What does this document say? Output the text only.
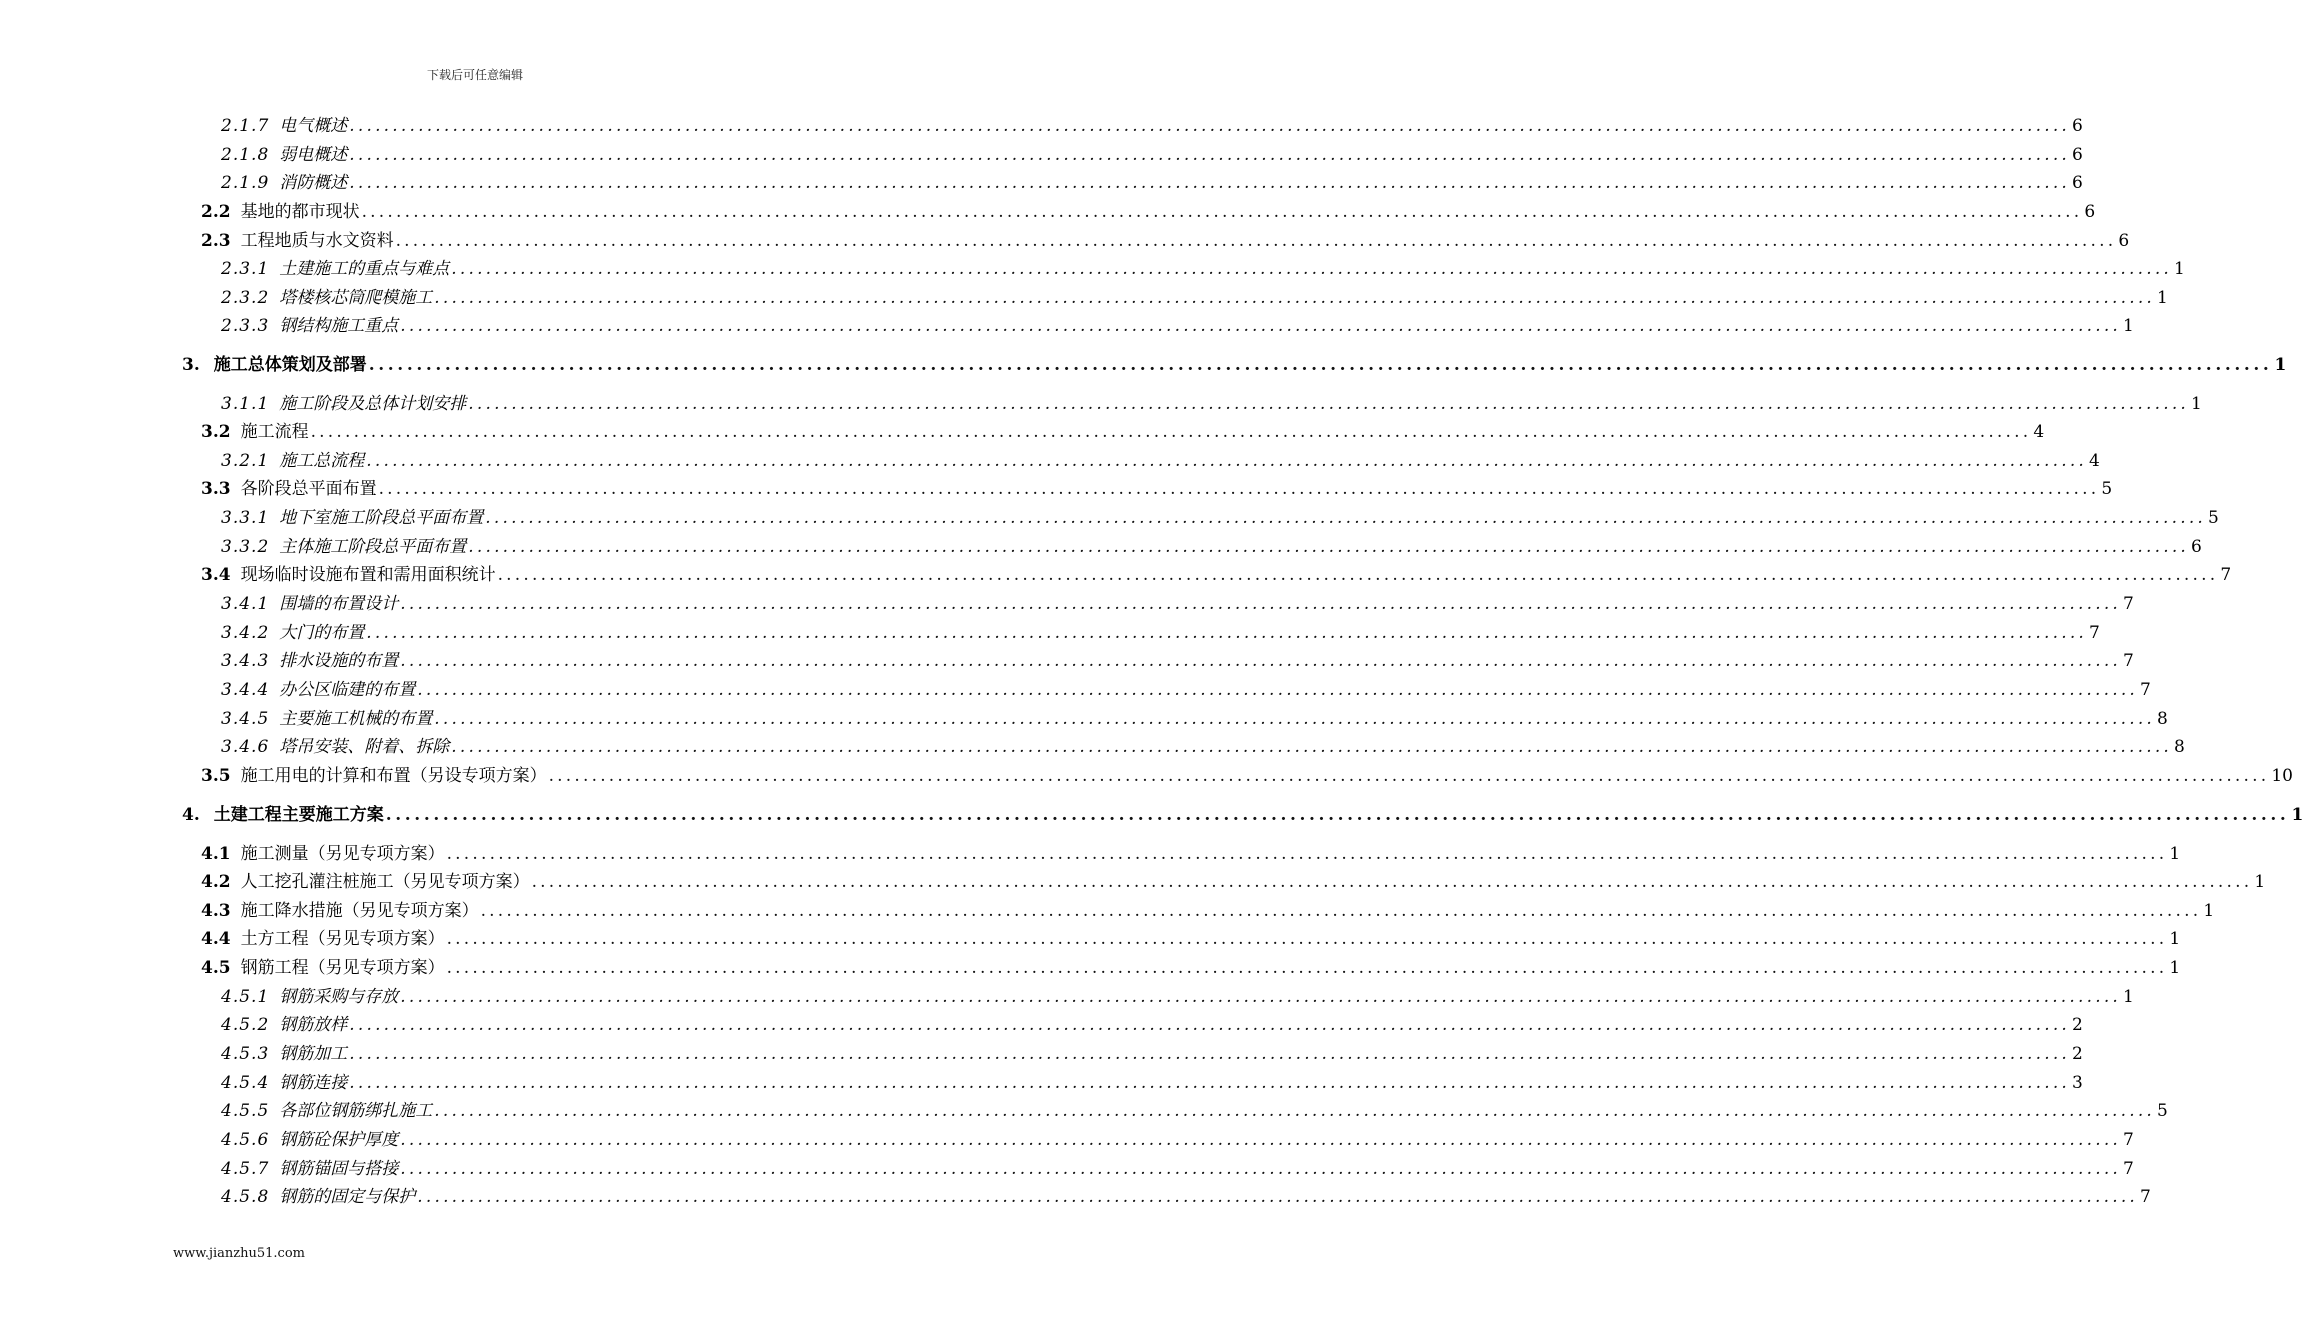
下载后可任意编辑
2.1.7 电气概述 ........................................................................................................................................................................................................ 6
2.1.8 弱电概述 ........................................................................................................................................................................................................ 6
2.1.9 消防概述 ........................................................................................................................................................................................................ 6
2.2 基地的都市现状 ........................................................................................................................................................................................................ 6
2.3 工程地质与水文资料 ........................................................................................................................................................................................................ 6
2.3.1 土建施工的重点与难点 ........................................................................................................................................................................................................ 1
2.3.2 塔楼核芯筒爬模施工 ........................................................................................................................................................................................................ 1
2.3.3 钢结构施工重点 ........................................................................................................................................................................................................ 1
3. 施工总体策划及部署 ........................................................................................................................................................................................................ 1
3.1.1 施工阶段及总体计划安排 ........................................................................................................................................................................................................ 1
3.2 施工流程 ........................................................................................................................................................................................................ 4
3.2.1 施工总流程 ........................................................................................................................................................................................................ 4
3.3 各阶段总平面布置 ........................................................................................................................................................................................................ 5
3.3.1 地下室施工阶段总平面布置 ........................................................................................................................................................................................................ 5
3.3.2 主体施工阶段总平面布置 ........................................................................................................................................................................................................ 6
3.4 现场临时设施布置和需用面积统计 ........................................................................................................................................................................................................ 7
3.4.1 围墙的布置设计 ........................................................................................................................................................................................................ 7
3.4.2 大门的布置 ........................................................................................................................................................................................................ 7
3.4.3 排水设施的布置 ........................................................................................................................................................................................................ 7
3.4.4 办公区临建的布置 ........................................................................................................................................................................................................ 7
3.4.5 主要施工机械的布置 ........................................................................................................................................................................................................ 8
3.4.6 塔吊安装、附着、拆除 ........................................................................................................................................................................................................ 8
3.5 施工用电的计算和布置（另设专项方案） ........................................................................................................................................................................................................ 10
4. 土建工程主要施工方案 ........................................................................................................................................................................................................ 1
4.1 施工测量（另见专项方案） ........................................................................................................................................................................................................ 1
4.2 人工挖孔灌注桩施工（另见专项方案） ........................................................................................................................................................................................................ 1
4.3 施工降水措施（另见专项方案） ........................................................................................................................................................................................................ 1
4.4 土方工程（另见专项方案） ........................................................................................................................................................................................................ 1
4.5 钢筋工程（另见专项方案） ........................................................................................................................................................................................................ 1
4.5.1 钢筋采购与存放 ........................................................................................................................................................................................................ 1
4.5.2 钢筋放样 ........................................................................................................................................................................................................ 2
4.5.3 钢筋加工 ........................................................................................................................................................................................................ 2
4.5.4 钢筋连接 ........................................................................................................................................................................................................ 3
4.5.5 各部位钢筋绑扎施工 ........................................................................................................................................................................................................ 5
4.5.6 钢筋砼保护厚度 ........................................................................................................................................................................................................ 7
4.5.7 钢筋锚固与搭接 ........................................................................................................................................................................................................ 7
4.5.8 钢筋的固定与保护 ........................................................................................................................................................................................................ 7
www.jianzhu51.com
